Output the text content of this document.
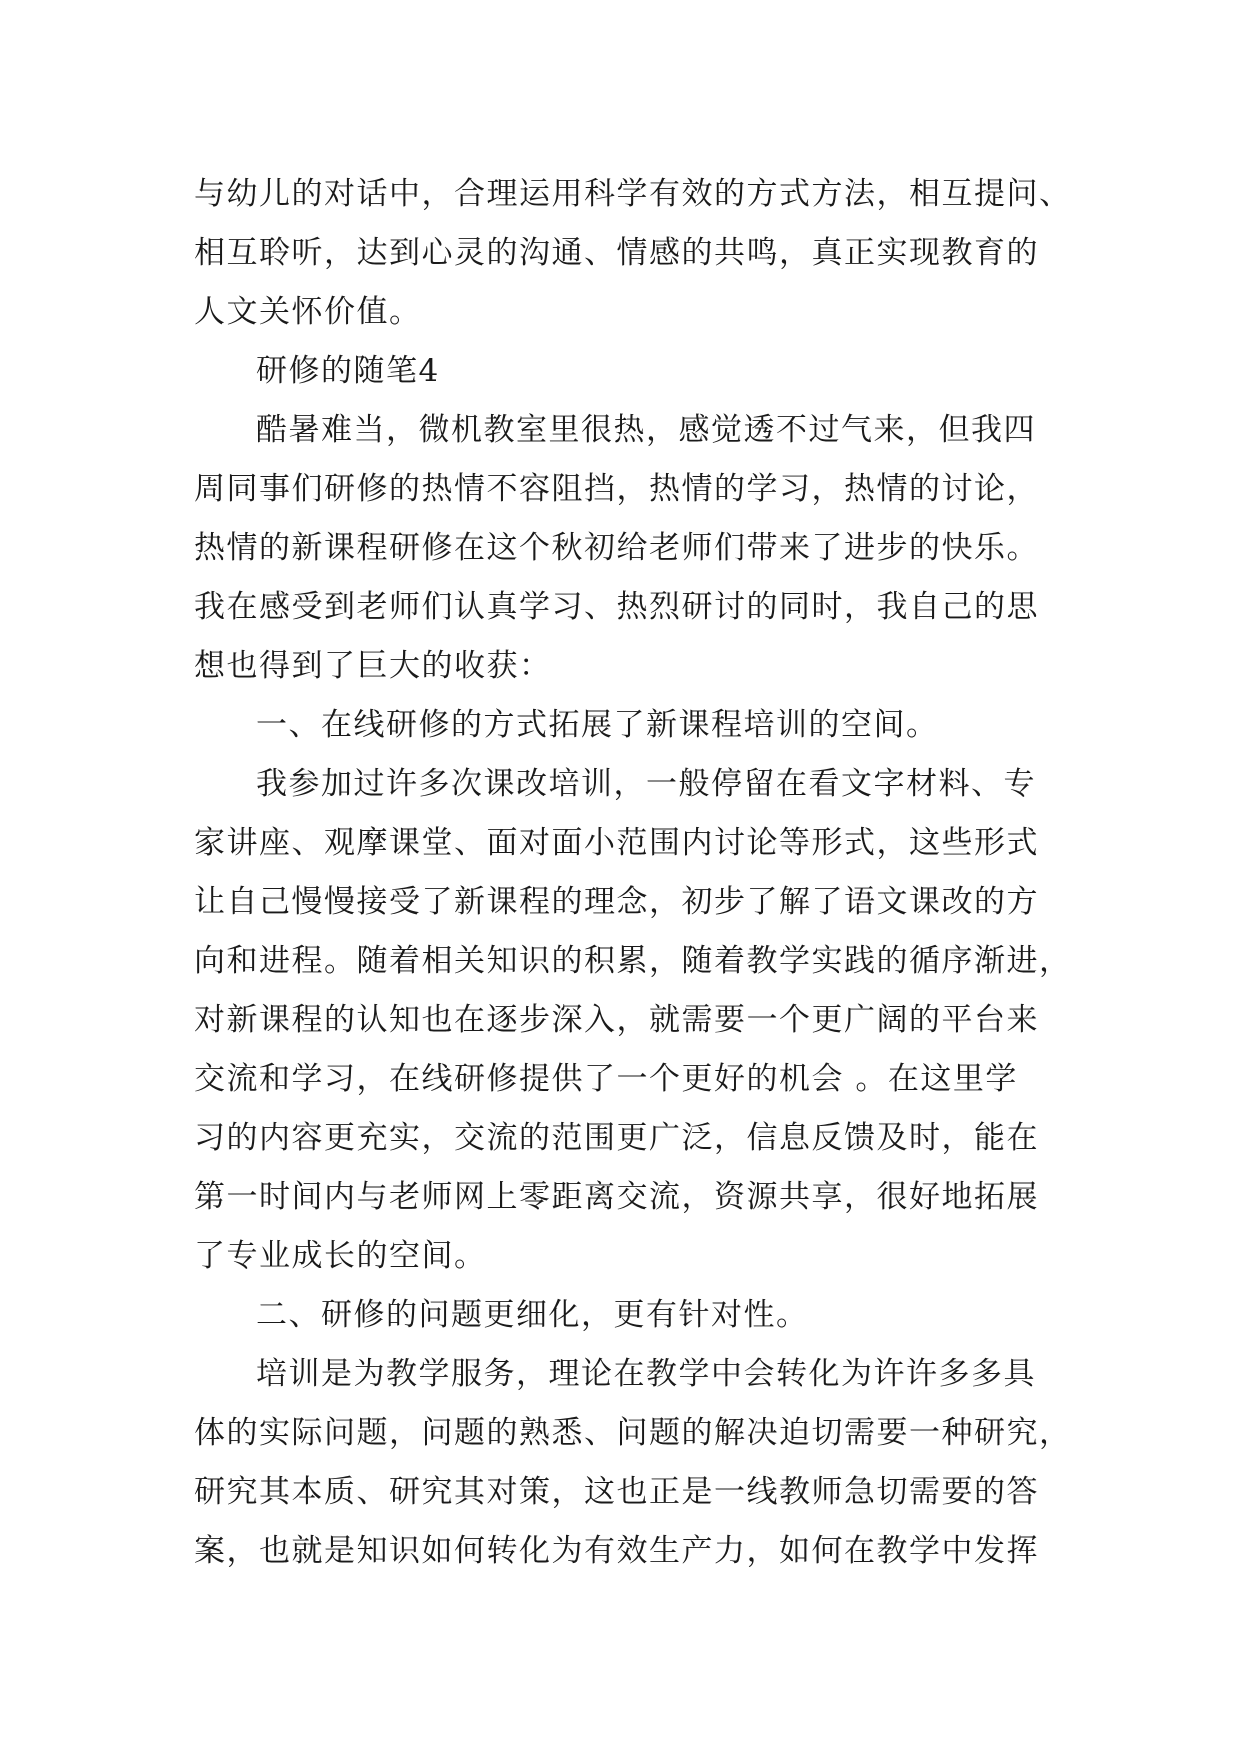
与幼儿的对话中，合理运用科学有效的方式方法，相互提问、
相互聆听，达到心灵的沟通、情感的共鸣，真正实现教育的
人文关怀价值。
研修的随笔4
酷暑难当，微机教室里很热，感觉透不过气来，但我四
周同事们研修的热情不容阻挡，热情的学习，热情的讨论，
热情的新课程研修在这个秋初给老师们带来了进步的快乐。
我在感受到老师们认真学习、热烈研讨的同时，我自己的思
想也得到了巨大的收获：
一、在线研修的方式拓展了新课程培训的空间。
我参加过许多次课改培训，一般停留在看文字材料、专
家讲座、观摩课堂、面对面小范围内讨论等形式，这些形式
让自己慢慢接受了新课程的理念，初步了解了语文课改的方
向和进程。随着相关知识的积累，随着教学实践的循序渐进，
对新课程的认知也在逐步深入，就需要一个更广阔的平台来
交流和学习，在线研修提供了一个更好的机会 。在这里学
习的内容更充实，交流的范围更广泛，信息反馈及时，能在
第一时间内与老师网上零距离交流，资源共享，很好地拓展
了专业成长的空间。
二、研修的问题更细化，更有针对性。
培训是为教学服务，理论在教学中会转化为许许多多具
体的实际问题，问题的熟悉、问题的解决迫切需要一种研究，
研究其本质、研究其对策，这也正是一线教师急切需要的答
案，也就是知识如何转化为有效生产力，如何在教学中发挥
